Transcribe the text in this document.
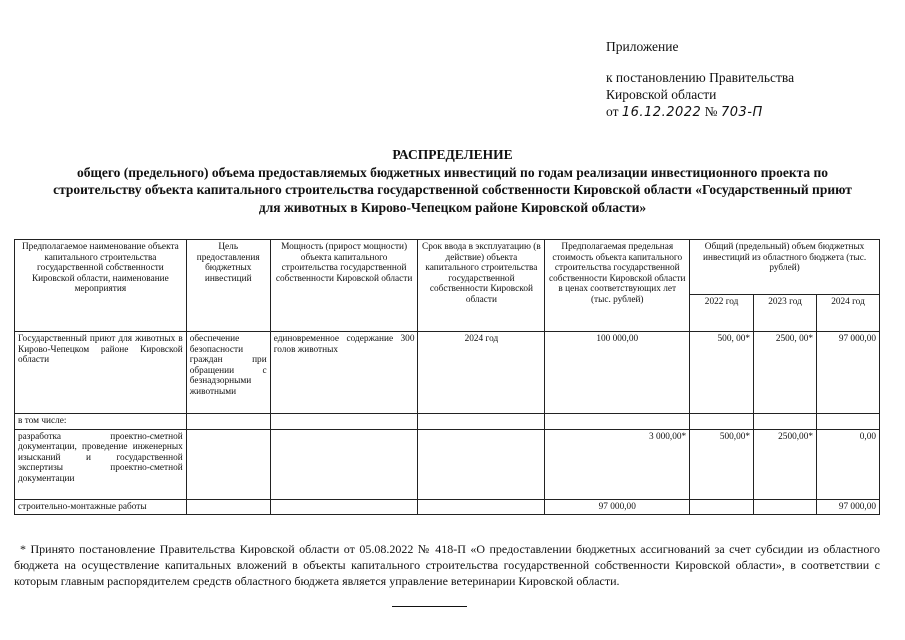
Приложение
к постановлению Правительства
Кировской области
от 16.12.2022 № 703-П
РАСПРЕДЕЛЕНИЕ
общего (предельного) объема предоставляемых бюджетных инвестиций по годам реализации инвестиционного проекта по
строительству объекта капитального строительства государственной собственности Кировской области «Государственный приют
для животных в Кирово-Чепецком районе Кировской области»
Предполагаемое наименование объекта капитального строительства государственной собственности Кировской области, наименование мероприятия	Цель предоставления бюджетных инвестиций	Мощность (прирост мощности) объекта капитального строительства государственной собственности Кировской области	Срок ввода в эксплуатацию (в действие) объекта капитального строительства государственной собственности Кировской области	Предполагаемая предельная стоимость объекта капитального строительства государственной собственности Кировской области в ценах соответствующих лет (тыс. рублей)	Общий (предельный) объем бюджетных инвестиций из областного бюджета (тыс. рублей)		
					2022 год	2023 год	2024 год
Государственный приют для животных в Кирово-Чепецком районе Кировской области	обеспечение безопасности граждан при обращении с безнадзорными животными	единовременное содержание 300 голов животных	2024 год	100 000,00	500, 00*	2500, 00*	97 000,00
в том числе:							
разработка проектно-сметной документации, проведение инженерных изысканий и государственной экспертизы проектно-сметной документации				3 000,00*	500,00*	2500,00*	0,00
строительно-монтажные работы				97 000,00			97 000,00
* Принято постановление Правительства Кировской области от 05.08.2022 № 418-П «О предоставлении бюджетных ассигнований за счет субсидии из областного бюджета на осуществление капитальных вложений в объекты капитального строительства государственной собственности Кировской области», в соответствии с которым главным распорядителем средств областного бюджета является управление ветеринарии Кировской области.
